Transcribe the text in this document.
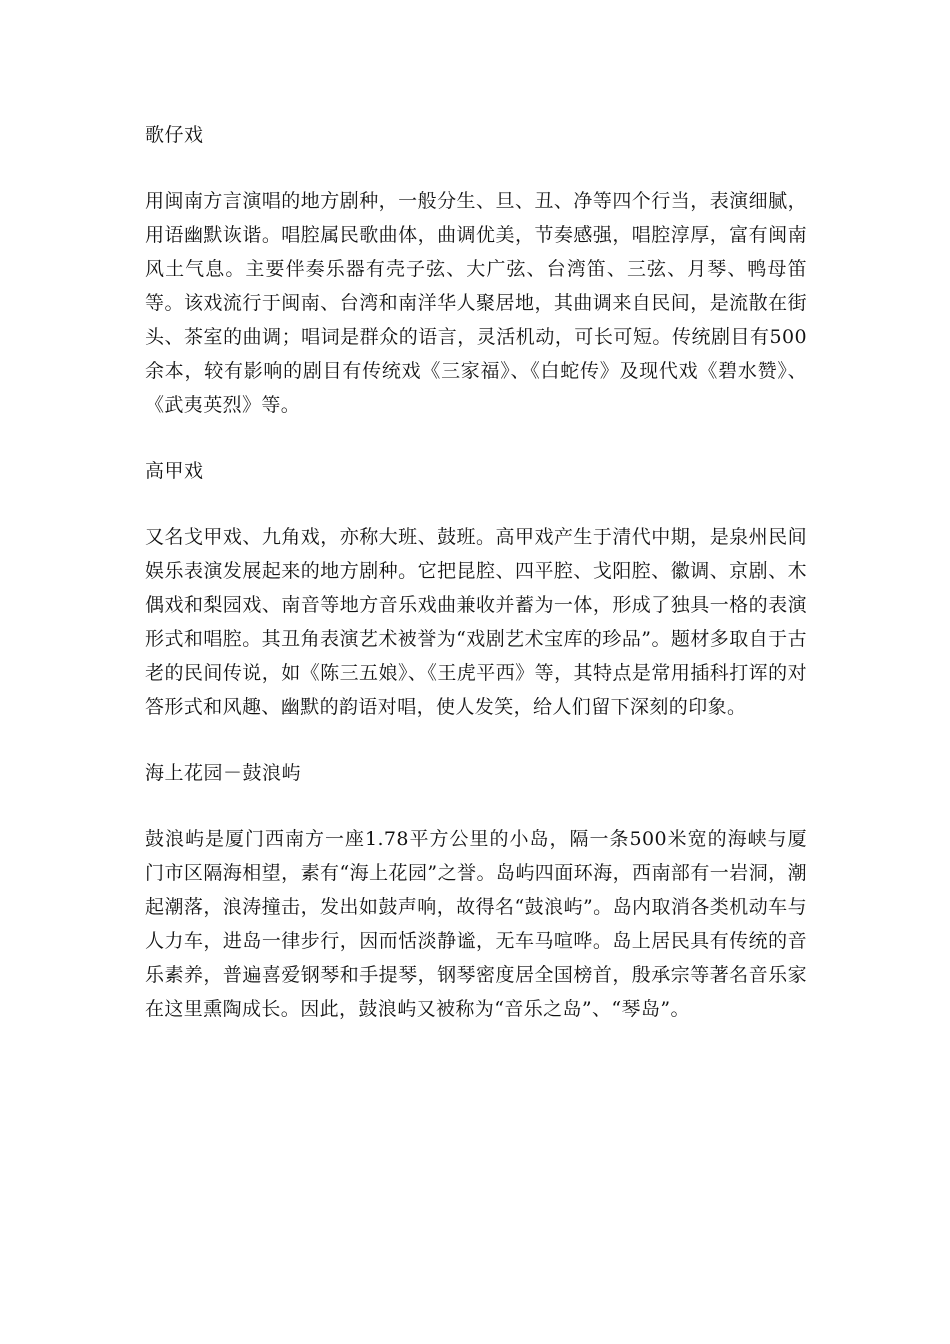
歌仔戏

用闽南方言演唱的地方剧种，一般分生、旦、丑、净等四个行当，表演细腻，用语幽默诙谐。唱腔属民歌曲体，曲调优美，节奏感强，唱腔淳厚，富有闽南风土气息。主要伴奏乐器有壳子弦、大广弦、台湾笛、三弦、月琴、鸭母笛等。该戏流行于闽南、台湾和南洋华人聚居地，其曲调来自民间，是流散在街头、茶室的曲调；唱词是群众的语言，灵活机动，可长可短。传统剧目有500余本，较有影响的剧目有传统戏《三家福》、《白蛇传》及现代戏《碧水赞》、《武夷英烈》等。

高甲戏

又名戈甲戏、九角戏，亦称大班、鼓班。高甲戏产生于清代中期，是泉州民间娱乐表演发展起来的地方剧种。它把昆腔、四平腔、戈阳腔、徽调、京剧、木偶戏和梨园戏、南音等地方音乐戏曲兼收并蓄为一体，形成了独具一格的表演形式和唱腔。其丑角表演艺术被誉为“戏剧艺术宝库的珍品”。题材多取自于古老的民间传说，如《陈三五娘》、《王虎平西》等，其特点是常用插科打诨的对答形式和风趣、幽默的韵语对唱，使人发笑，给人们留下深刻的印象。

海上花园－鼓浪屿

鼓浪屿是厦门西南方一座1.78平方公里的小岛，隔一条500米宽的海峡与厦门市区隔海相望，素有“海上花园”之誉。岛屿四面环海，西南部有一岩洞，潮起潮落，浪涛撞击，发出如鼓声响，故得名“鼓浪屿”。岛内取消各类机动车与人力车，进岛一律步行，因而恬淡静谧，无车马喧哗。岛上居民具有传统的音乐素养，普遍喜爱钢琴和手提琴，钢琴密度居全国榜首，殷承宗等著名音乐家在这里熏陶成长。因此，鼓浪屿又被称为“音乐之岛”、“琴岛”。
